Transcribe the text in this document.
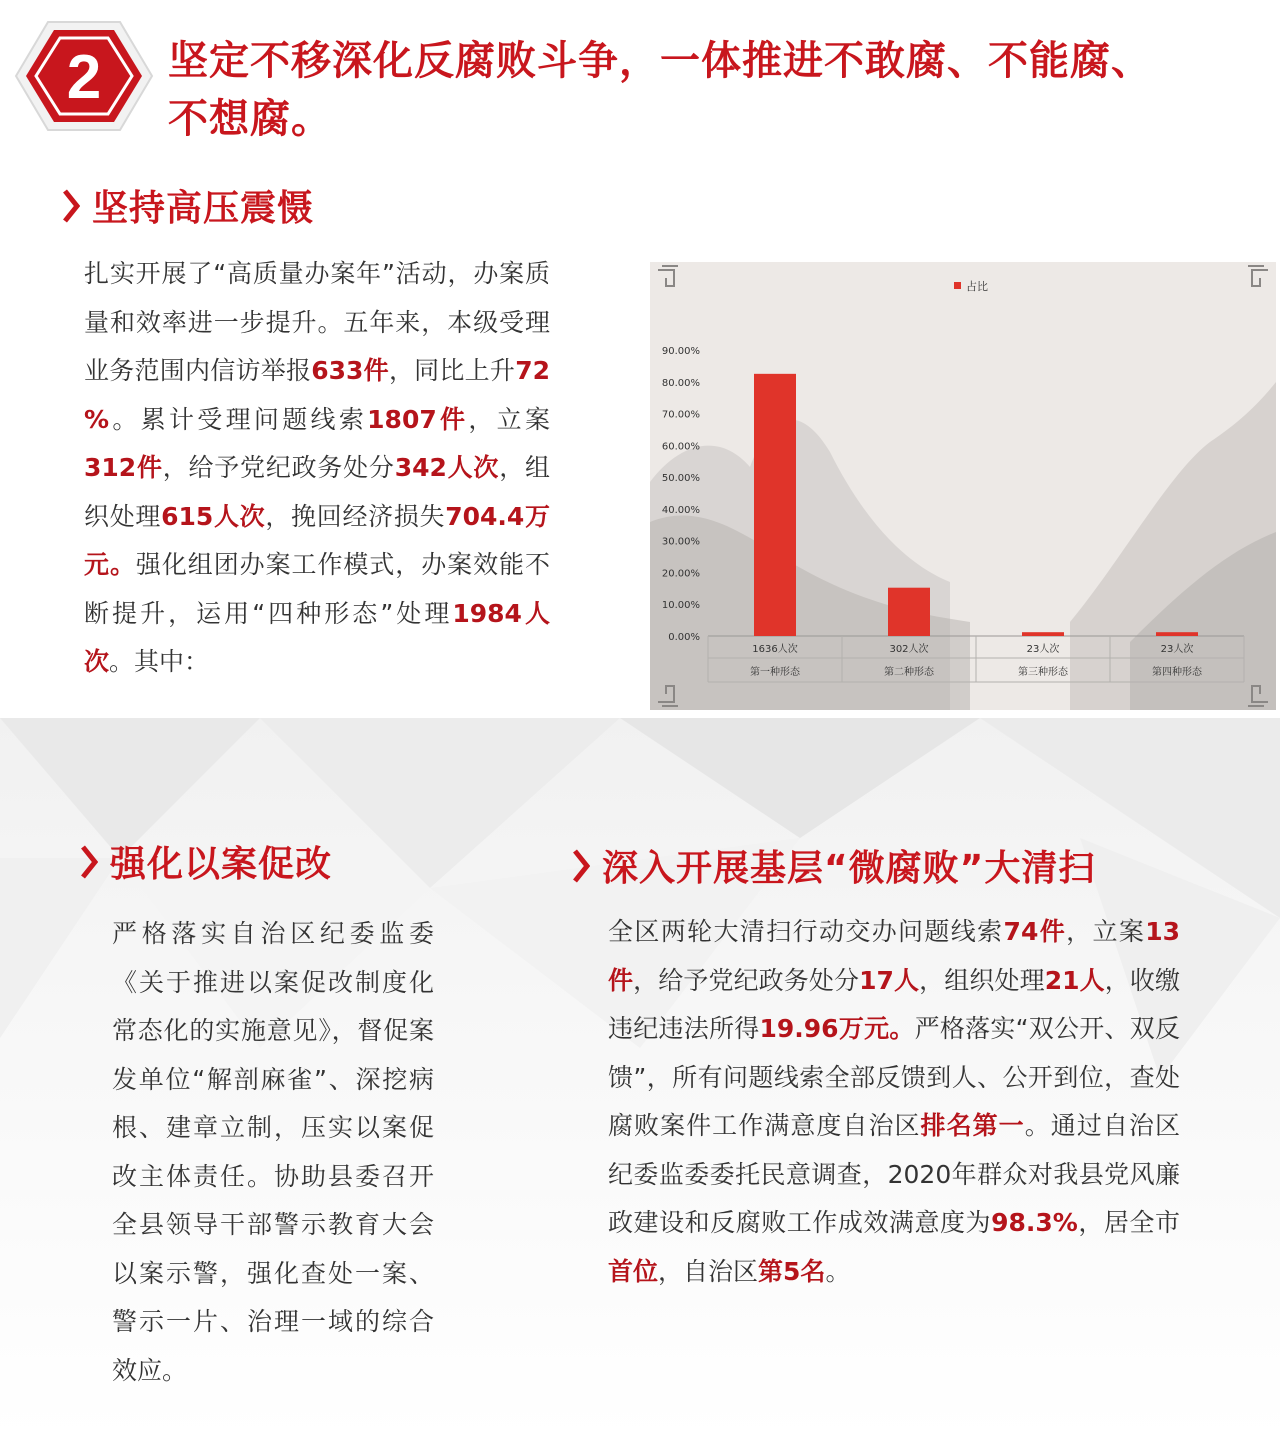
2 坚定不移深化反腐败斗争，一体推进不敢腐、不能腐、
不想腐。
坚持高压震慑
扎实开展了“高质量办案年”活动，办案质量和效率进一步提升。五年来，本级受理业务范围内信访举报633件，同比上升72 %。累计受理问题线索1807件，立案312件，给予党纪政务处分342人次，组织处理615人次，挽回经济损失704.4万元。强化组团办案工作模式，办案效能不断提升，运用“四种形态”处理1984人次。其中：
占比
0.00%
10.00%
20.00%
30.00%
40.00%
50.00%
60.00%
70.00%
80.00%
90.00%
1636人次
第一种形态
302人次
第二种形态
23人次
第三种形态
23人次
第四种形态
强化以案促改
严格落实自治区纪委监委《关于推进以案促改制度化常态化的实施意见》，督促案发单位“解剖麻雀”、深挖病根、建章立制，压实以案促改主体责任。协助县委召开全县领导干部警示教育大会以案示警，强化查处一案、警示一片、治理一域的综合效应。
深入开展基层“微腐败”大清扫
全区两轮大清扫行动交办问题线索74件，立案13件，给予党纪政务处分17人，组织处理21人，收缴违纪违法所得19.96万元。严格落实“双公开、双反馈”，所有问题线索全部反馈到人、公开到位，查处腐败案件工作满意度自治区排名第一。通过自治区纪委监委委托民意调查，2020年群众对我县党风廉政建设和反腐败工作成效满意度为98.3%，居全市首位，自治区第5名。
